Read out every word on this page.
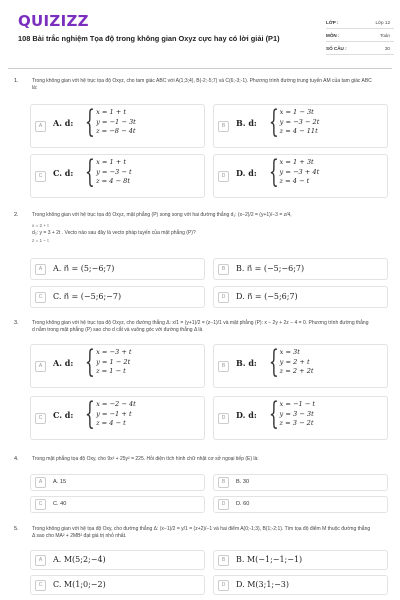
QUIZIZZ
108 Bài trắc nghiệm Tọa độ trong không gian Oxyz cực hay có lời giải (P1)
LỚP :	Lớp 12
MÔN :	Toán
SỐ CÂU :	30
1.	Trong không gian với hệ trục tọa độ Oxyz, cho tam giác ABC với A(1;3;4), B(-2;-5;7) và C(6;-3;-1). Phương trình đường trung tuyến AM của tam giác ABC là:
A	A. d: { x = 1 + t
y = −1 − 3t
z = −8 − 4t
B	B. d: { x = 1 − 3t
y = −3 − 2t
z = 4 − 11t
C	C. d: { x = 1 + t
y = −3 − t
z = 4 − 8t
D	D. d: { x = 1 + 3t
y = −3 + 4t
z = 4 − t
2.	Trong không gian với hệ trục tọa độ Oxyz, mặt phẳng (P) song song với hai đường thẳng d₁: (x−2)/2 = (y+1)/−3 = z/4,
x = 2 + t
d₂: y = 3 + 2t . Vecto nào sau đây là vecto pháp tuyến của mặt phẳng (P)?
z = 1 − t
A	A. n⃗ = (5;−6;7)	B	B. n⃗ = (−5;−6;7)
C	C. n⃗ = (−5;6;−7)	D	D. n⃗ = (−5;6;7)
3.	Trong không gian với hệ trục tọa độ Oxyz, cho đường thẳng Δ: x/1 = (y+1)/2 = (z−1)/1 và mặt phẳng (P): x − 2y + 2z − 4 = 0. Phương trình đường thẳng d nằm trong mặt phẳng (P) sao cho d cắt và vuông góc với đường thẳng Δ là
A	A. d: { x = −3 + t
y = 1 − 2t
z = 1 − t
B	B. d: { x = 3t
y = 2 + t
z = 2 + 2t
C	C. d: { x = −2 − 4t
y = −1 + t
z = 4 − t
D	D. d: { x = −1 − t
y = 3 − 3t
z = 3 − 2t
4.	Trong mặt phẳng tọa độ Oxy, cho 9x² + 25y² = 225. Hỏi diện tích hình chữ nhật cơ sở ngoại tiếp (E) là:
A	A. 15	B	B. 30
C	C. 40	D	D. 60
5.	Trong không gian với hệ tọa độ Oxy, cho đường thẳng Δ: (x−1)/2 = y/1 = (z+2)/−1 và hai điểm A(0;-1;3), B(1;-2;1). Tìm tọa độ điểm M thuộc đường thẳng Δ sao cho MA² + 2MB² đạt giá trị nhỏ nhất.
A	A. M(5;2;−4)	B	B. M(−1;−1;−1)
C	C. M(1;0;−2)	D	D. M(3;1;−3)
